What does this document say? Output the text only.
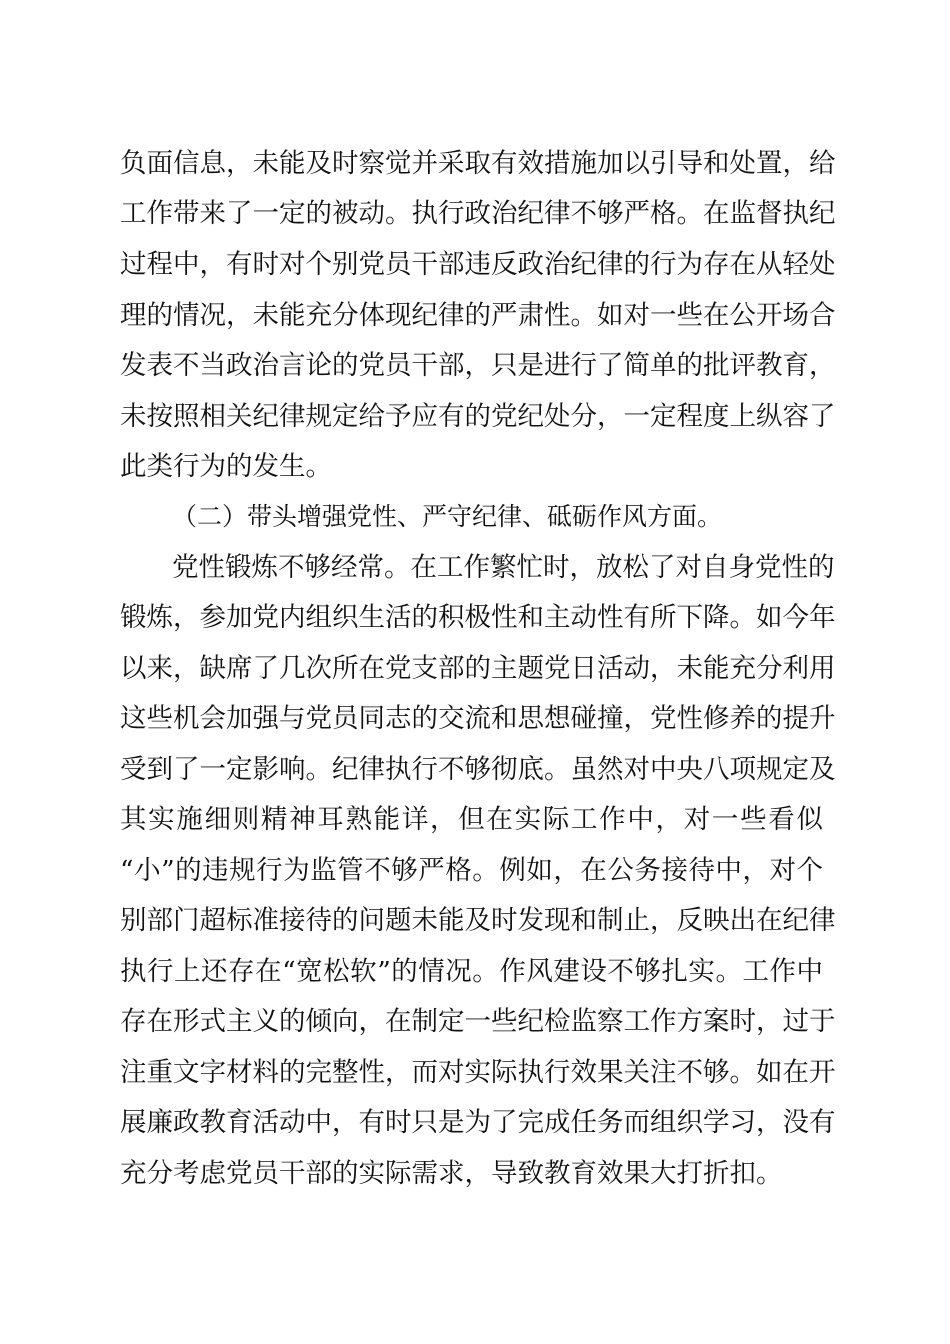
负面信息，未能及时察觉并采取有效措施加以引导和处置，给
工作带来了一定的被动。执行政治纪律不够严格。在监督执纪
过程中，有时对个别党员干部违反政治纪律的行为存在从轻处
理的情况，未能充分体现纪律的严肃性。如对一些在公开场合
发表不当政治言论的党员干部，只是进行了简单的批评教育，
未按照相关纪律规定给予应有的党纪处分，一定程度上纵容了
此类行为的发生。
（二）带头增强党性、严守纪律、砥砺作风方面。
党性锻炼不够经常。在工作繁忙时，放松了对自身党性的
锻炼，参加党内组织生活的积极性和主动性有所下降。如今年
以来，缺席了几次所在党支部的主题党日活动，未能充分利用
这些机会加强与党员同志的交流和思想碰撞，党性修养的提升
受到了一定影响。纪律执行不够彻底。虽然对中央八项规定及
其实施细则精神耳熟能详，但在实际工作中，对一些看似
“小”的违规行为监管不够严格。例如，在公务接待中，对个
别部门超标准接待的问题未能及时发现和制止，反映出在纪律
执行上还存在“宽松软”的情况。作风建设不够扎实。工作中
存在形式主义的倾向，在制定一些纪检监察工作方案时，过于
注重文字材料的完整性，而对实际执行效果关注不够。如在开
展廉政教育活动中，有时只是为了完成任务而组织学习，没有
充分考虑党员干部的实际需求，导致教育效果大打折扣。
